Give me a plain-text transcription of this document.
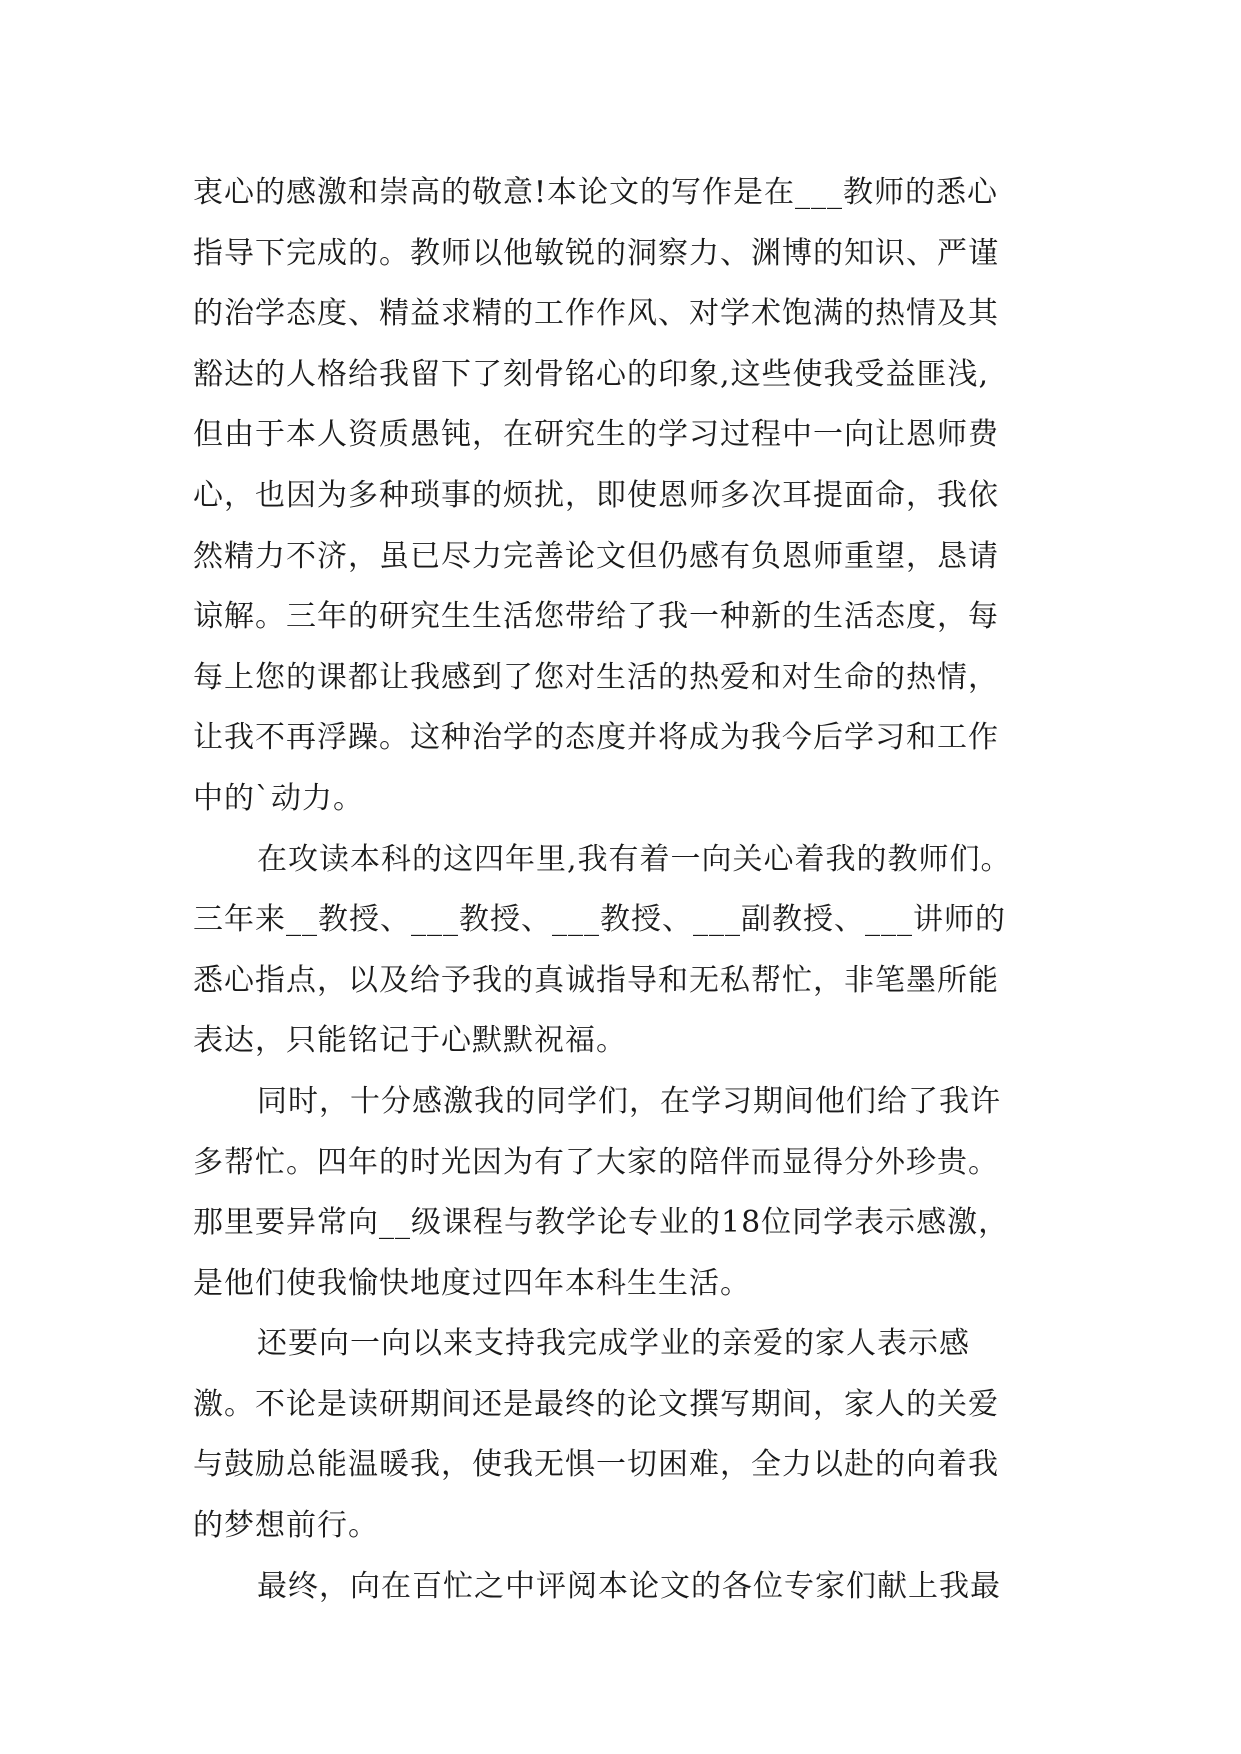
衷心的感激和崇高的敬意!本论文的写作是在___教师的悉心
指导下完成的。教师以他敏锐的洞察力、渊博的知识、严谨
的治学态度、精益求精的工作作风、对学术饱满的热情及其
豁达的人格给我留下了刻骨铭心的印象,这些使我受益匪浅,
但由于本人资质愚钝，在研究生的学习过程中一向让恩师费
心，也因为多种琐事的烦扰，即使恩师多次耳提面命，我依
然精力不济，虽已尽力完善论文但仍感有负恩师重望，恳请
谅解。三年的研究生生活您带给了我一种新的生活态度，每
每上您的课都让我感到了您对生活的热爱和对生命的热情，
让我不再浮躁。这种治学的态度并将成为我今后学习和工作
中的`动力。
在攻读本科的这四年里,我有着一向关心着我的教师们。
三年来__教授、___教授、___教授、___副教授、___讲师的
悉心指点，以及给予我的真诚指导和无私帮忙，非笔墨所能
表达，只能铭记于心默默祝福。
同时，十分感激我的同学们，在学习期间他们给了我许
多帮忙。四年的时光因为有了大家的陪伴而显得分外珍贵。
那里要异常向__级课程与教学论专业的18位同学表示感激，
是他们使我愉快地度过四年本科生生活。
还要向一向以来支持我完成学业的亲爱的家人表示感
激。不论是读研期间还是最终的论文撰写期间，家人的关爱
与鼓励总能温暖我，使我无惧一切困难，全力以赴的向着我
的梦想前行。
最终，向在百忙之中评阅本论文的各位专家们献上我最
